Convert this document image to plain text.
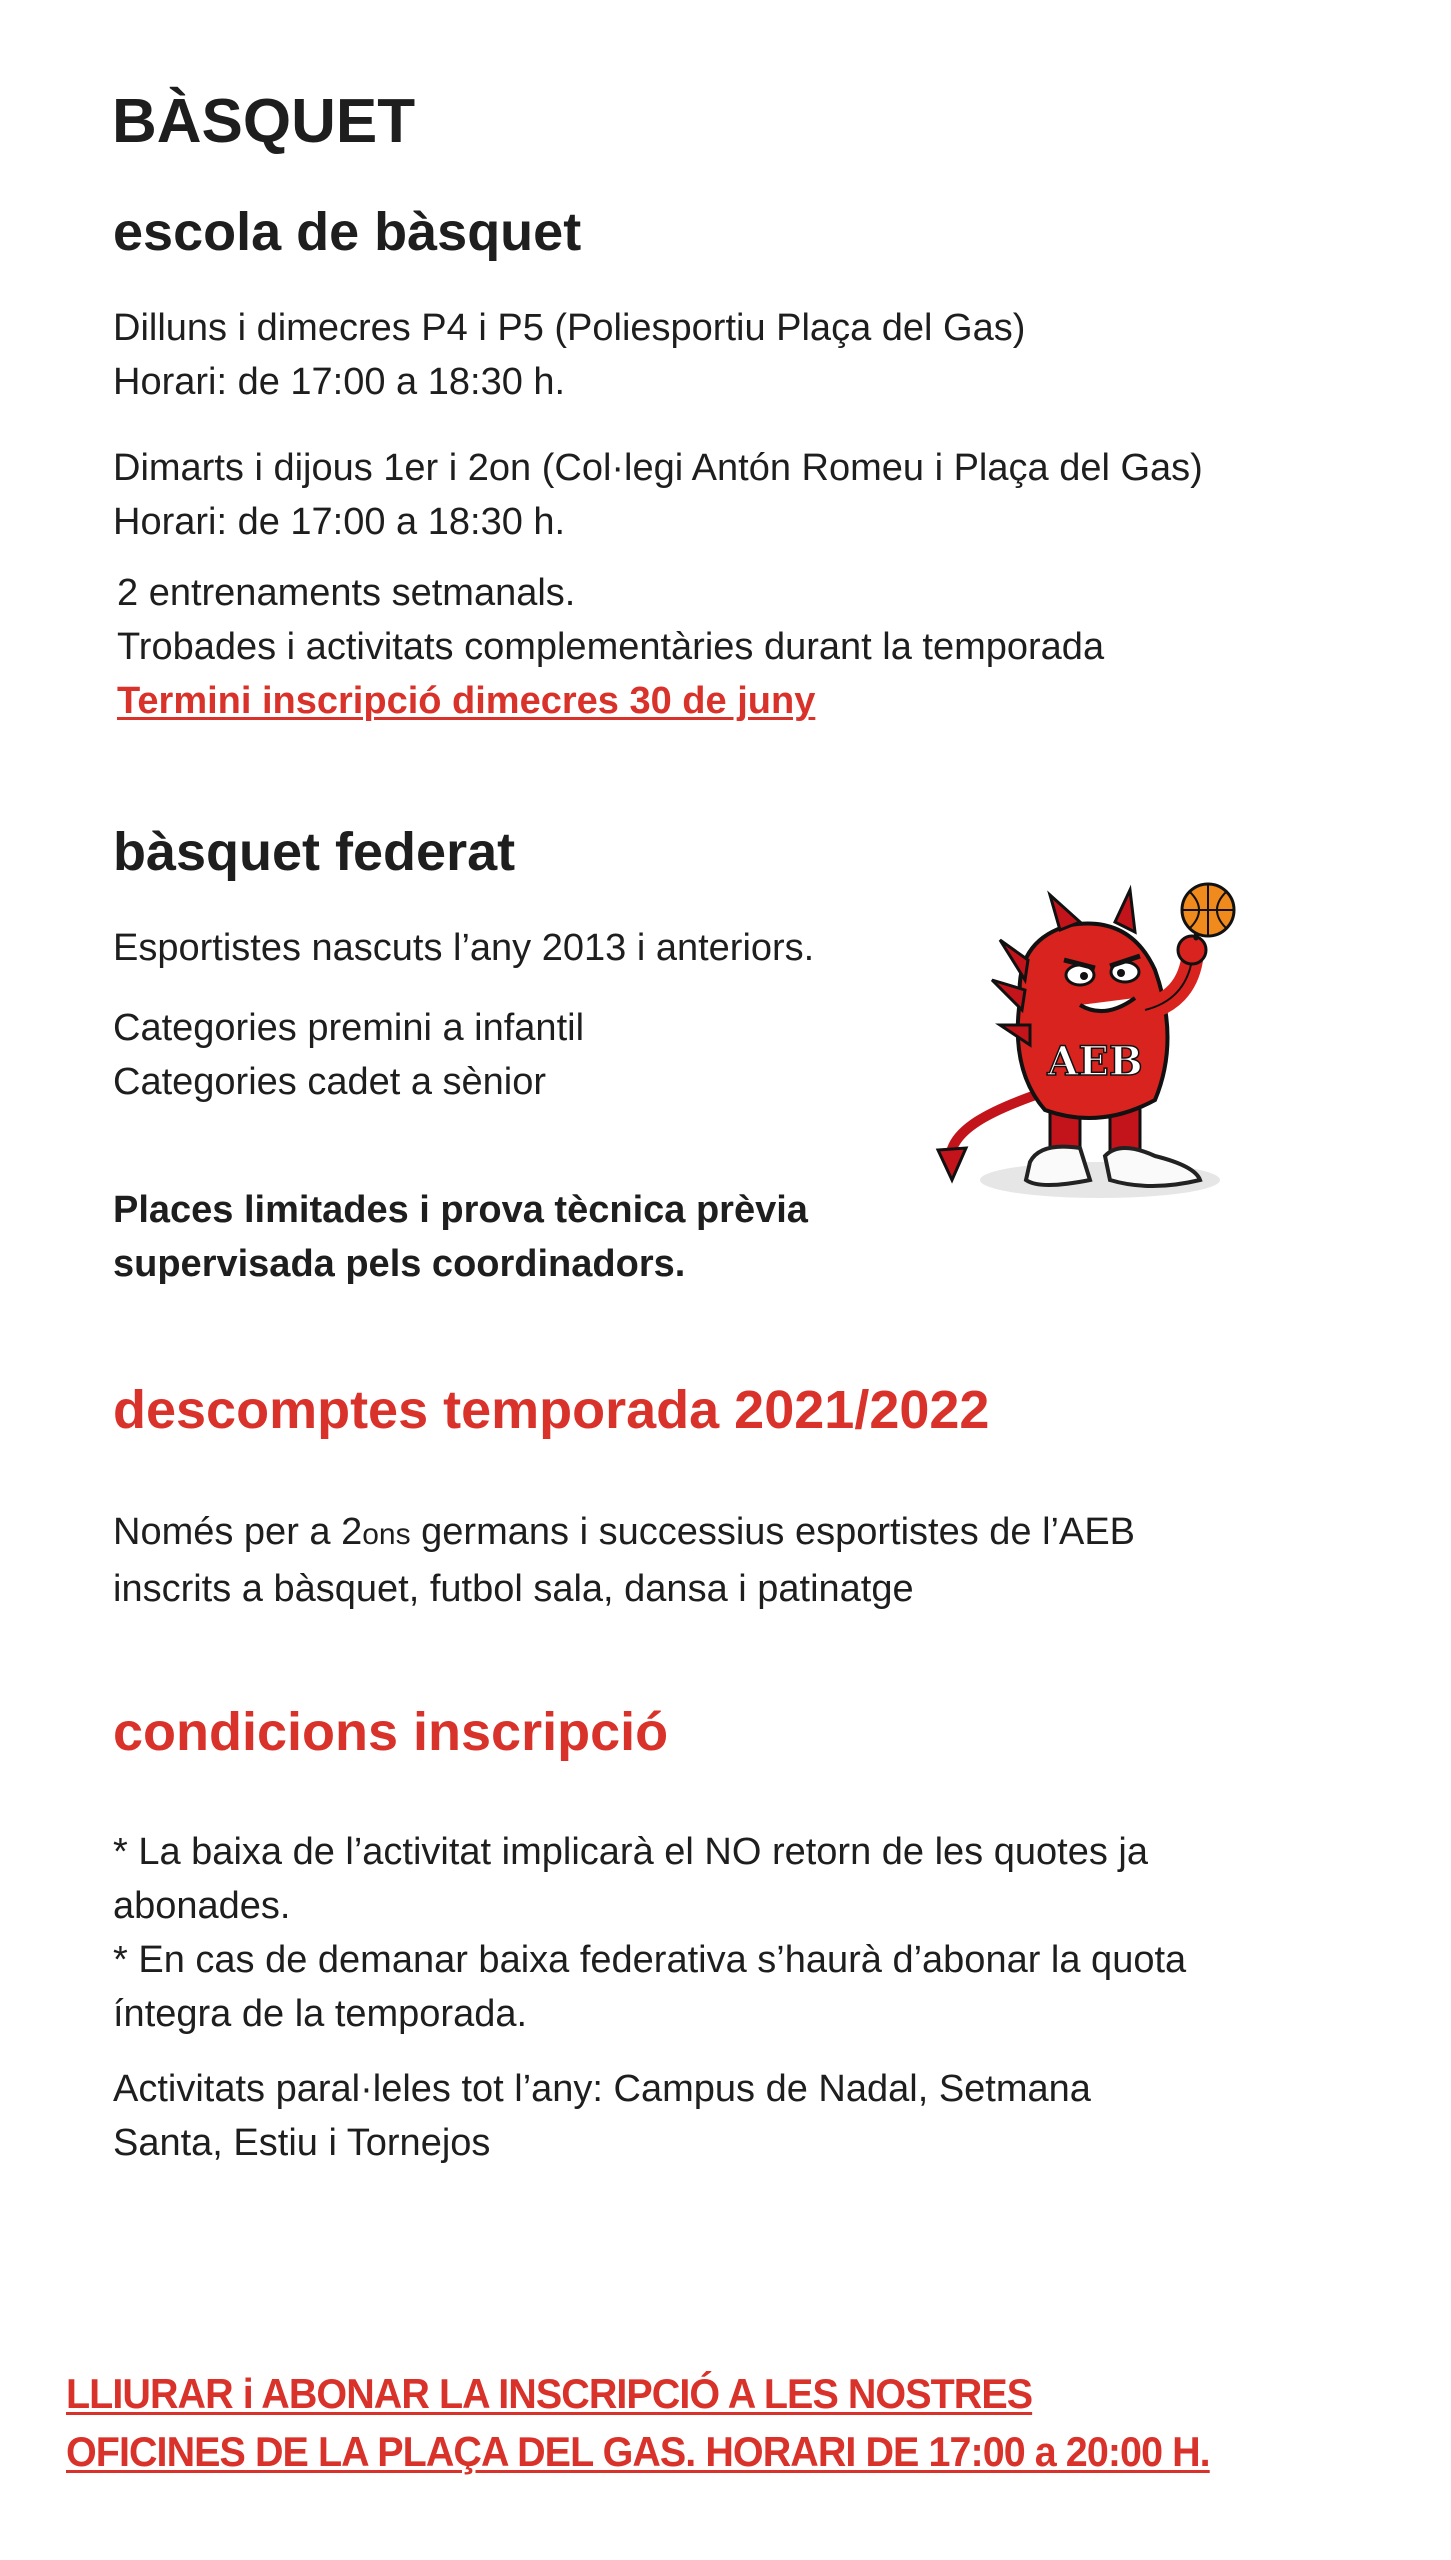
BÀSQUET
escola de bàsquet
Dilluns i dimecres P4 i P5 (Poliesportiu Plaça del Gas)
Horari: de 17:00 a 18:30 h.
Dimarts i dijous 1er i 2on (Col·legi Antón Romeu i Plaça del Gas)
Horari: de 17:00 a 18:30 h.
2 entrenaments setmanals.
Trobades i activitats complementàries durant la temporada
Termini inscripció dimecres 30 de juny
bàsquet federat

Esportistes nascuts l’any 2013 i anteriors.

Categories premini a infantil
Categories cadet a sènior
Places limitades i prova tècnica prèvia
supervisada pels coordinadors.
AEB
descomptes temporada 2021/2022
Només per a 2ons germans i successius esportistes de l’AEB
inscrits a bàsquet, futbol sala, dansa i patinatge
condicions inscripció
* La baixa de l’activitat implicarà el NO retorn de les quotes ja
abonades.
* En cas de demanar baixa federativa s’haurà d’abonar la quota
íntegra de la temporada.
Activitats paral·leles tot l’any: Campus de Nadal, Setmana
Santa, Estiu i Tornejos
LLIURAR i ABONAR LA INSCRIPCIÓ A LES NOSTRES
OFICINES DE LA PLAÇA DEL GAS. HORARI DE 17:00 a 20:00 H.
